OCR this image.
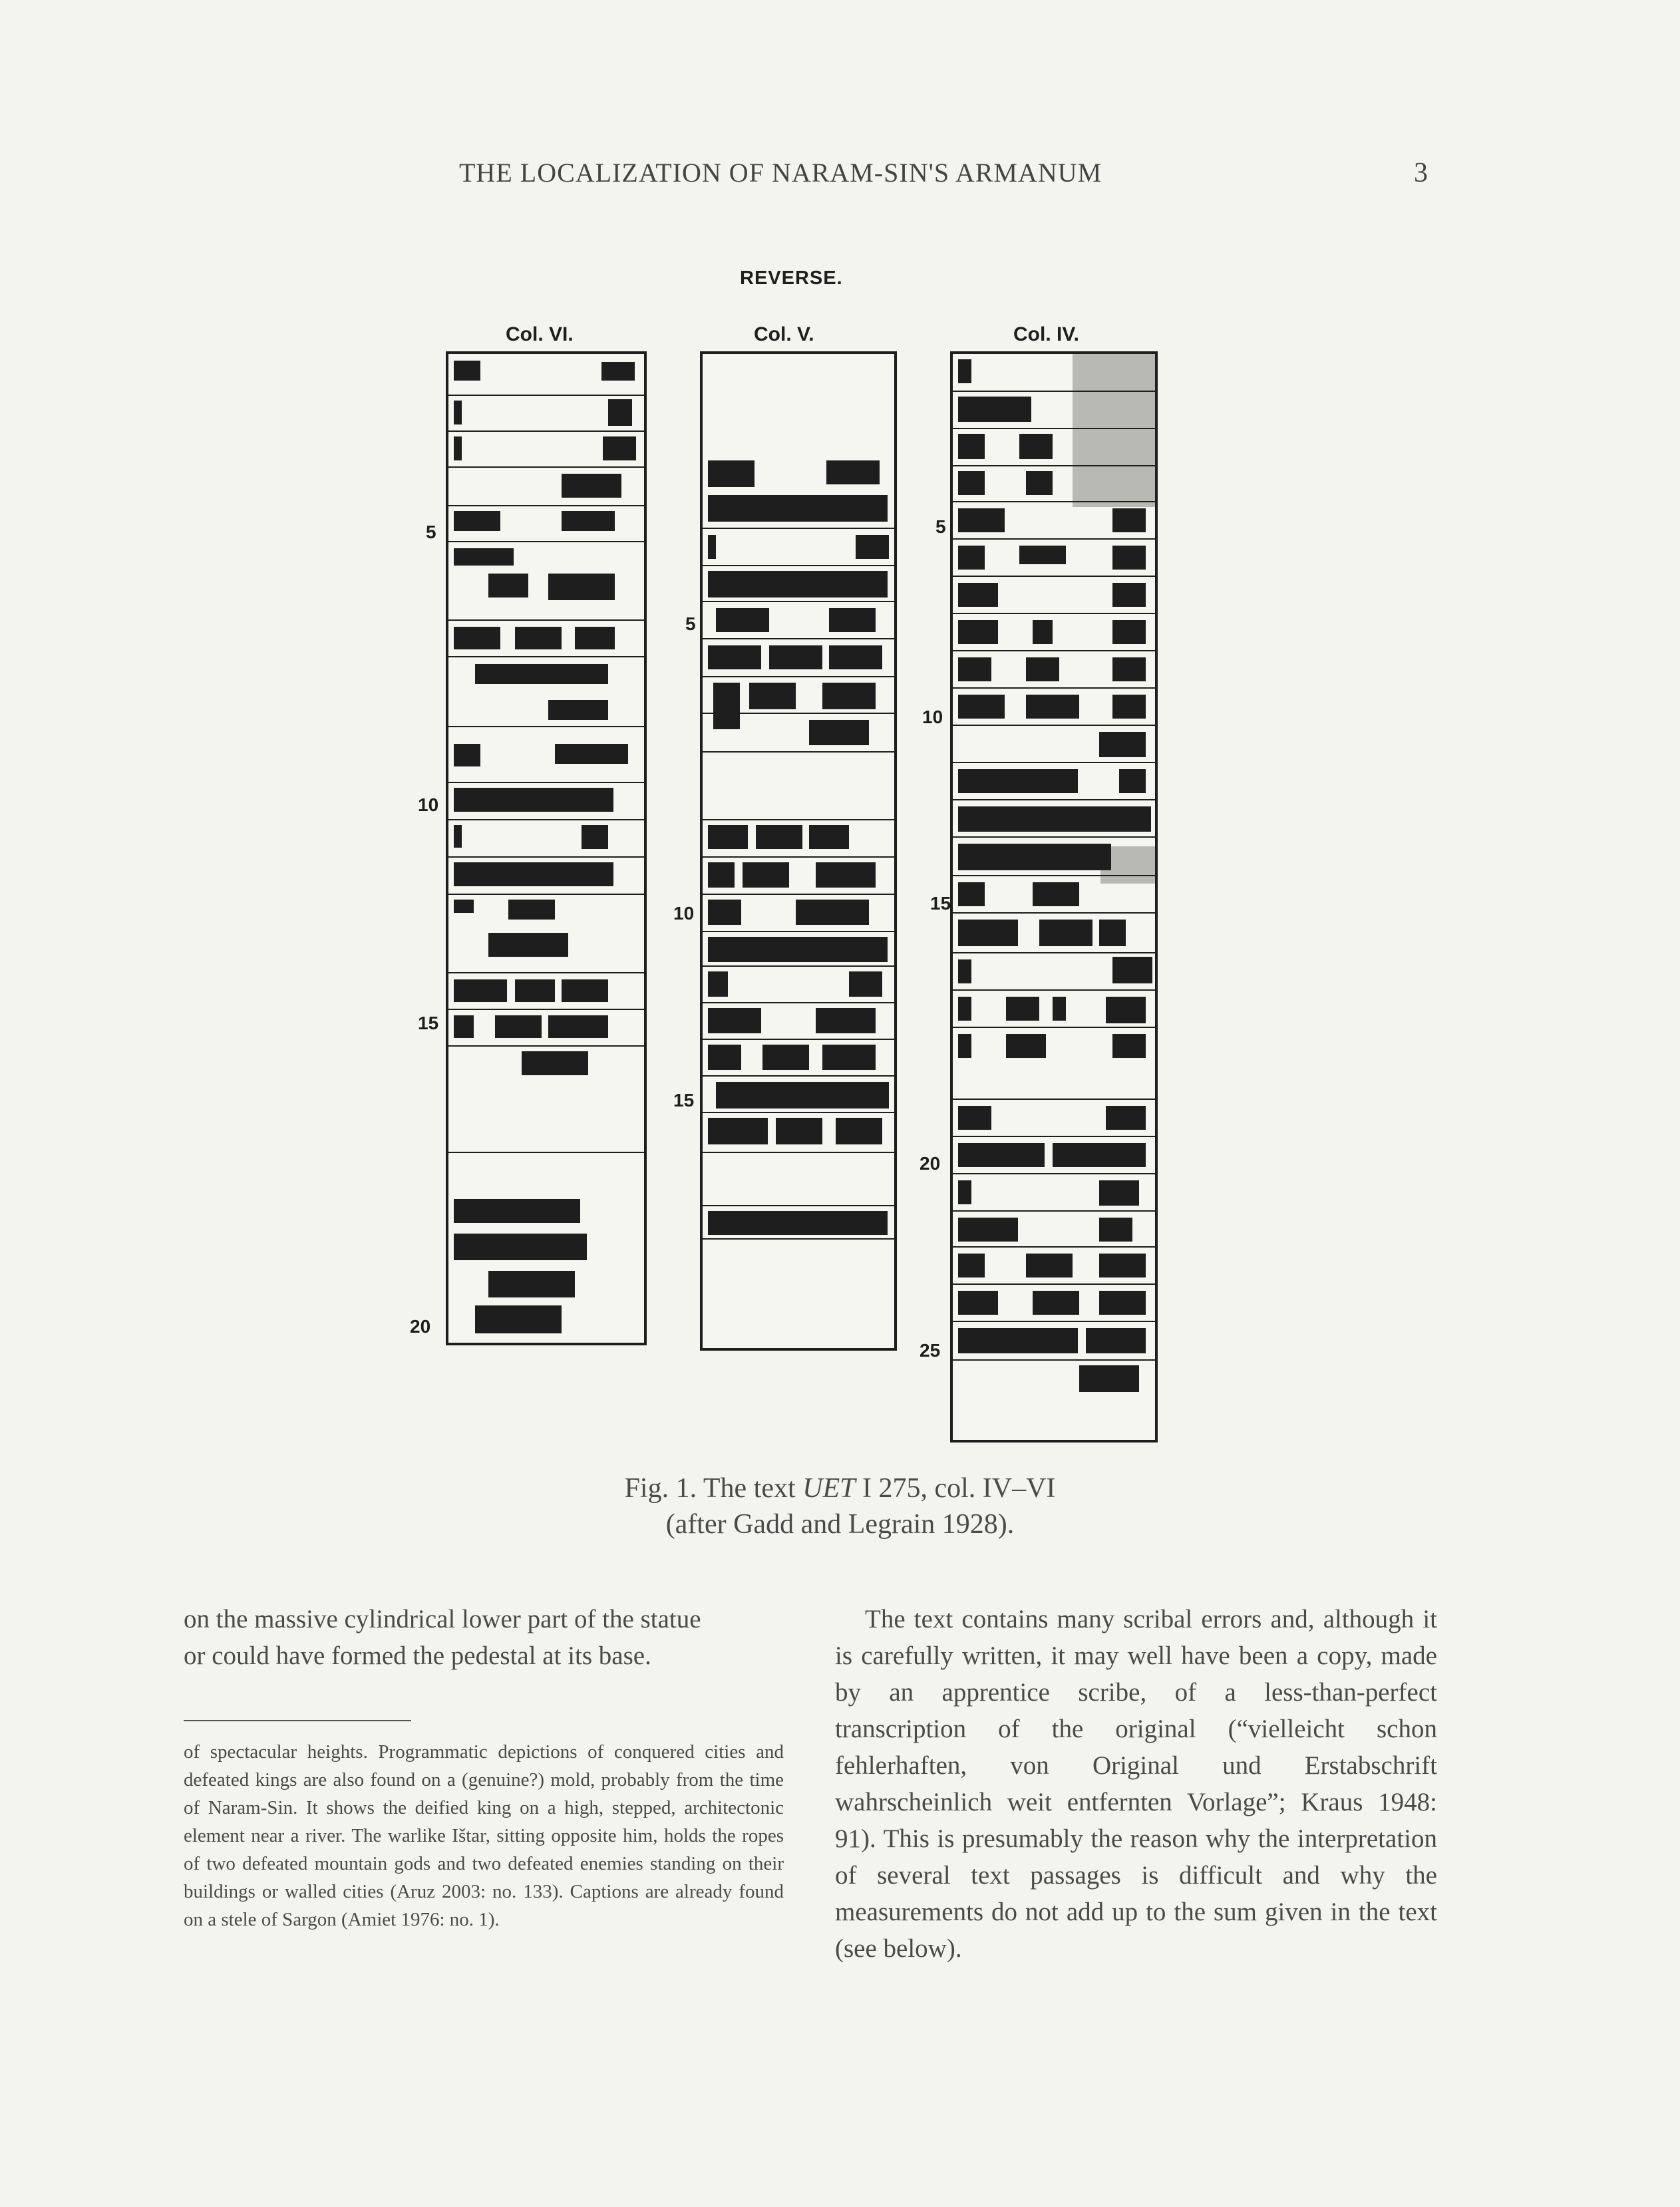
THE LOCALIZATION OF NARAM-SIN'S ARMANUM	3
REVERSE.
Col. VI.	Col. V.	Col. IV.
5
10
15
20
5
10
15
5
10
15
20
25
Fig. 1. The text UET I 275, col. IV–VI
(after Gadd and Legrain 1928).
on the massive cylindrical lower part of the statue
or could have formed the pedestal at its base.
of spectacular heights. Programmatic depictions of conquered cities and defeated kings are also found on a (genuine?) mold, probably from the time of Naram-Sin. It shows the deified king on a high, stepped, architectonic element near a river. The warlike Ištar, sitting opposite him, holds the ropes of two defeated mountain gods and two defeated enemies standing on their buildings or walled cities (Aruz 2003: no. 133). Captions are already found on a stele of Sargon (Amiet 1976: no. 1).
The text contains many scribal errors and, although it is carefully written, it may well have been a copy, made by an apprentice scribe, of a less-than-perfect transcription of the original (“vielleicht schon fehlerhaften, von Original und Erstabschrift wahrscheinlich weit entfernten Vorlage”; Kraus 1948: 91). This is presumably the reason why the interpretation of several text passages is difficult and why the measurements do not add up to the sum given in the text (see below).
